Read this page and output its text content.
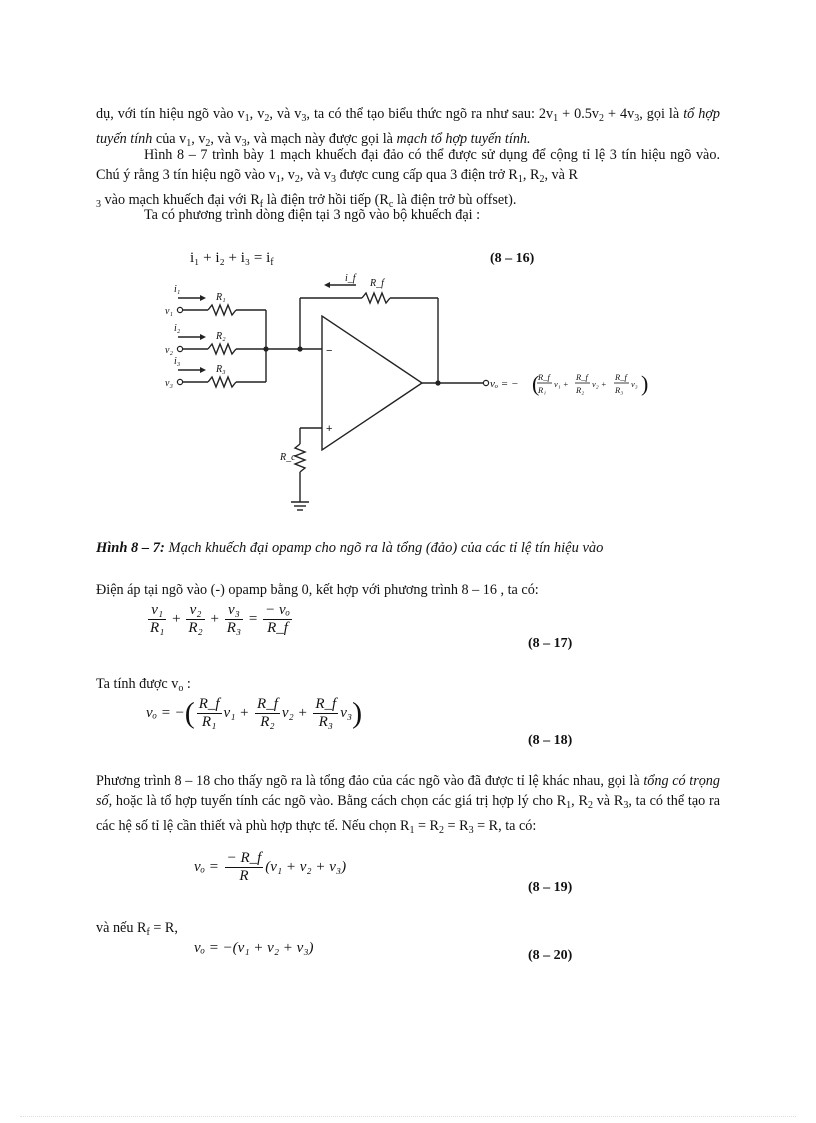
dụ, với tín hiệu ngõ vào $v_1$, $v_2$, và $v_3$, ta có thể tạo biểu thức ngõ ra như sau: $2v_1 + 0.5v_2 + 4v_3$, gọi là tổ hợp tuyến tính của $v_1$, $v_2$, và $v_3$, và mạch này được gọi là mạch tổ hợp tuyến tính.

Hình 8 – 7 trình bày 1 mạch khuếch đại đảo có thể được sử dụng để cộng tỉ lệ 3 tín hiệu ngõ vào. Chú ý rằng 3 tín hiệu ngõ vào $v_1$, $v_2$, và $v_3$ được cung cấp qua 3 điện trở $R_1$, $R_2$, và R
$_3$ vào mạch khuếch đại với $R_f$ là điện trở hồi tiếp ($R_c$ là điện trở bù offset).

Ta có phương trình dòng điện tại 3 ngõ vào bộ khuếch đại :

$i_1 + i_2 + i_3 = i_f$	(8 – 16)
i₁
v₁
R₁
i₂
v₂
R₂
i₃
v₃
R₃
i_f R_f
R_c
vₒ = −
−
+
(
R_f
R₁
v₁ +
R_f
R₂
v₂ +
R_f
R₃
v₃ )

Hình 8 – 7: Mạch khuếch đại opamp cho ngõ ra là tổng (đảo) của các tỉ lệ tín hiệu vào

Điện áp tại ngõ vào (-) opamp bằng 0, kết hợp với phương trình 8 – 16 , ta có:

$\frac{\text{v₁}}{\text{R₁}} + \frac{\text{v₂}}{\text{R₂}} + \frac{\text{v₃}}{\text{R₃}} = \frac{\text{− vₒ}}{R\_f}$
(8 – 17)

Ta tính được $v_o$ :

vₒ = −( $\frac{R\_f}{\text{R₁}} v_1 + \frac{R\_f}{\text{R₂}} v_2 + \frac{R\_f}{\text{R₃}} v_3$)
(8 – 18)

Phương trình 8 – 18 cho thấy ngõ ra là tổng đảo của các ngõ vào đã được tỉ lệ khác nhau, gọi là tổng có trọng số, hoặc là tổ hợp tuyến tính các ngõ vào. Bằng cách chọn các giá trị hợp lý cho $R_1$, $R_2$ và $R_3$, ta có thể tạo ra các hệ số tỉ lệ cần thiết và phù hợp thực tế. Nếu chọn $R_1 = R_2 = R_3 = R$, ta có:

$v_o = \frac{- R\_f}{R} (v_1 + v_2 + v_3)$
(8 – 19)

và nếu $R_f = R$,

vₒ = −(v₁ + v₂ + v₃)	(8 – 20)
